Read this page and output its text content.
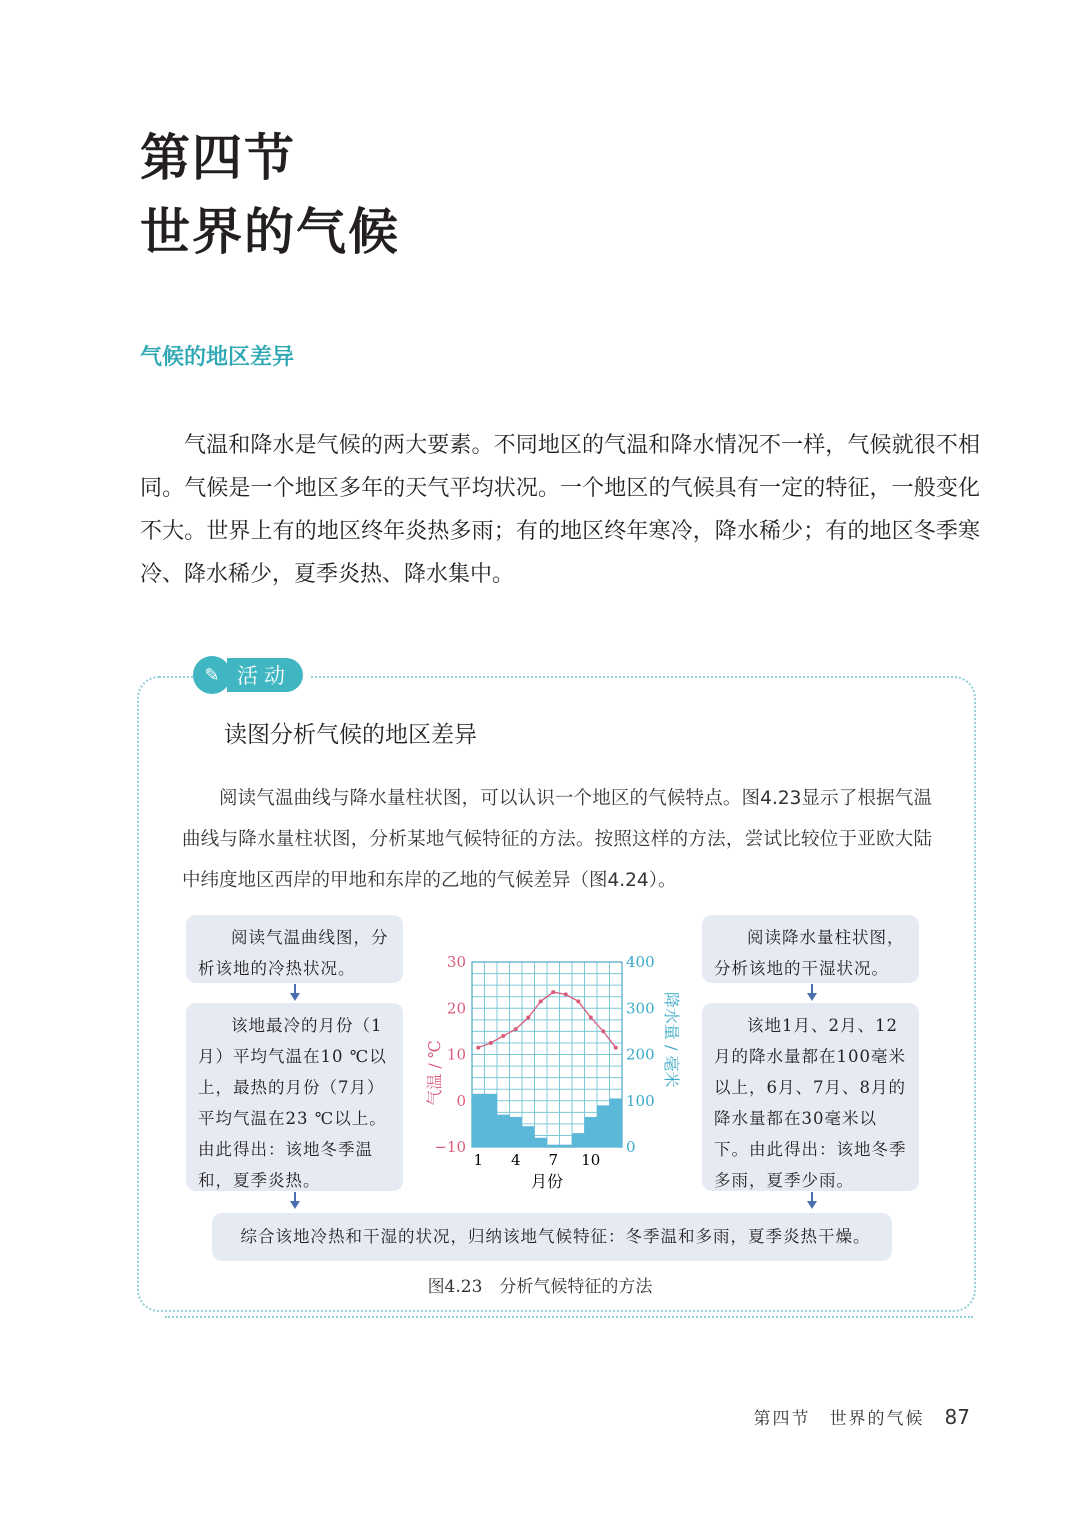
第四节
世界的气候
气候的地区差异
气温和降水是气候的两大要素。不同地区的气温和降水情况不一样，气候就很不相同。气候是一个地区多年的天气平均状况。一个地区的气候具有一定的特征，一般变化不大。世界上有的地区终年炎热多雨；有的地区终年寒冷，降水稀少；有的地区冬季寒冷、降水稀少，夏季炎热、降水集中。
✎ 活动
读图分析气候的地区差异
阅读气温曲线与降水量柱状图，可以认识一个地区的气候特点。图4.23显示了根据气温曲线与降水量柱状图，分析某地气候特征的方法。按照这样的方法，尝试比较位于亚欧大陆中纬度地区西岸的甲地和东岸的乙地的气候差异（图4.24）。
阅读气温曲线图，分析该地的冷热状况。
该地最冷的月份（1月）平均气温在10 ℃以上，最热的月份（7月）平均气温在23 ℃以上。由此得出：该地冬季温和，夏季炎热。
阅读降水量柱状图，分析该地的干湿状况。
该地1月、2月、12月的降水量都在100毫米以上，6月、7月、8月的降水量都在30毫米以下。由此得出：该地冬季多雨，夏季少雨。
综合该地冷热和干湿的状况，归纳该地气候特征：冬季温和多雨，夏季炎热干燥。
30
20
10
0
−10
400
300
200
100
0
1 4 7 10
月份
气温 / ℃	降水量 / 毫米
图4.23　分析气候特征的方法
第四节　世界的气候 87
